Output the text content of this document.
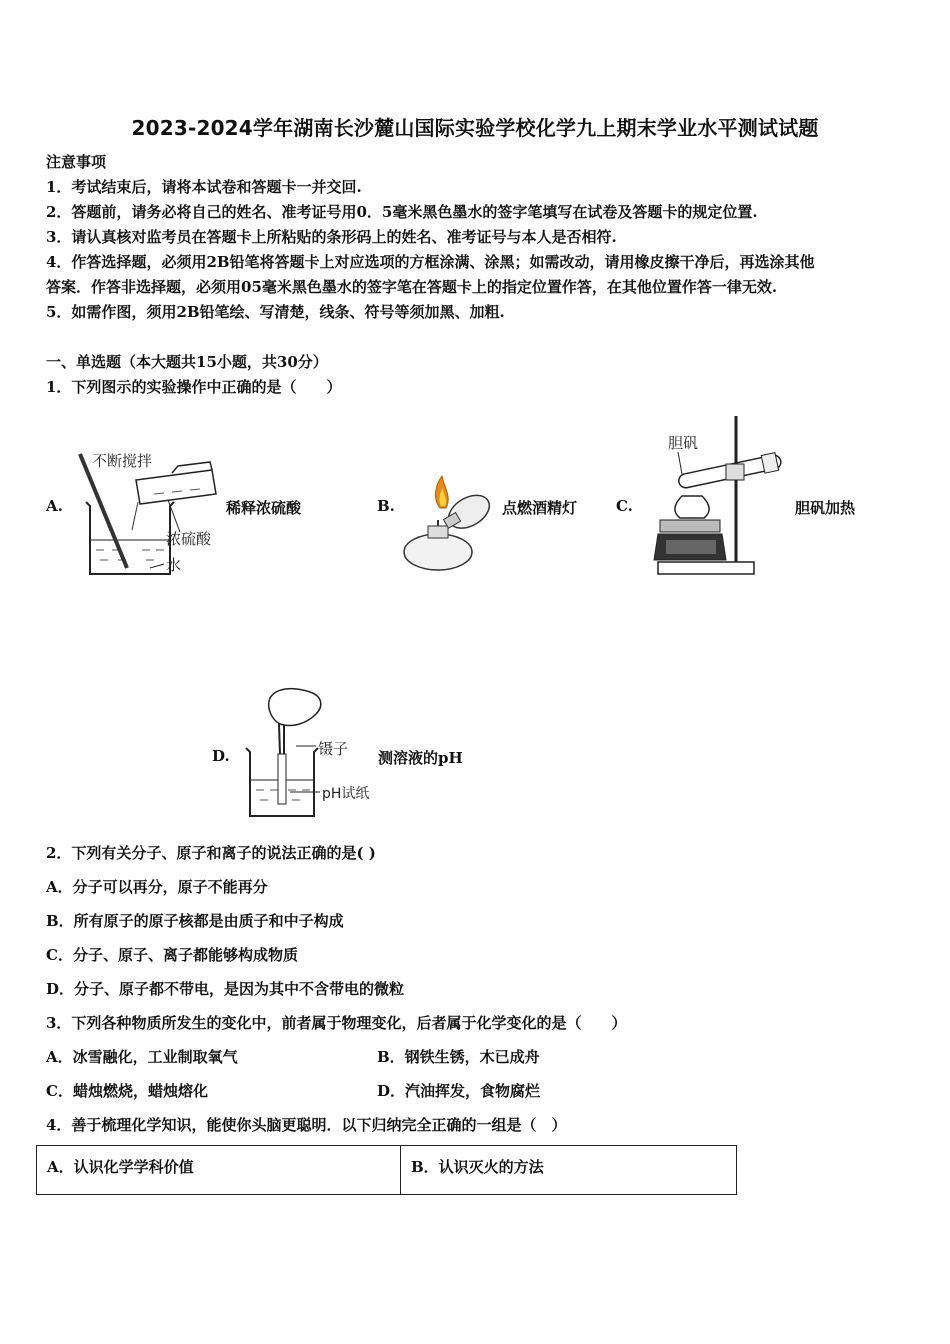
2023-2024学年湖南长沙麓山国际实验学校化学九上期末学业水平测试试题
注意事项
1．考试结束后，请将本试卷和答题卡一并交回.
2．答题前，请务必将自己的姓名、准考证号用0．5毫米黑色墨水的签字笔填写在试卷及答题卡的规定位置.
3．请认真核对监考员在答题卡上所粘贴的条形码上的姓名、准考证号与本人是否相符.
4．作答选择题，必须用2B铅笔将答题卡上对应选项的方框涂满、涂黑；如需改动，请用橡皮擦干净后，再选涂其他
答案．作答非选择题，必须用05毫米黑色墨水的签字笔在答题卡上的指定位置作答，在其他位置作答一律无效.
5．如需作图，须用2B铅笔绘、写清楚，线条、符号等须加黑、加粗.
一、单选题（本大题共15小题，共30分）
1．下列图示的实验操作中正确的是（　　）
A.
不断搅拌
浓硫酸
水
稀释浓硫酸	B.	点燃酒精灯	C.
胆矾
胆矾加热
D.	镊子
pH试纸
测溶液的pH
2．下列有关分子、原子和离子的说法正确的是( )
A．分子可以再分，原子不能再分
B．所有原子的原子核都是由质子和中子构成
C．分子、原子、离子都能够构成物质
D．分子、原子都不带电，是因为其中不含带电的微粒
3．下列各种物质所发生的变化中，前者属于物理变化，后者属于化学变化的是（　　）
A．冰雪融化，工业制取氧气	B．钢铁生锈，木已成舟
C．蜡烛燃烧，蜡烛熔化	D．汽油挥发，食物腐烂
4．善于梳理化学知识，能使你头脑更聪明．以下归纳完全正确的一组是（　）
A．认识化学学科价值	B．认识灭火的方法
